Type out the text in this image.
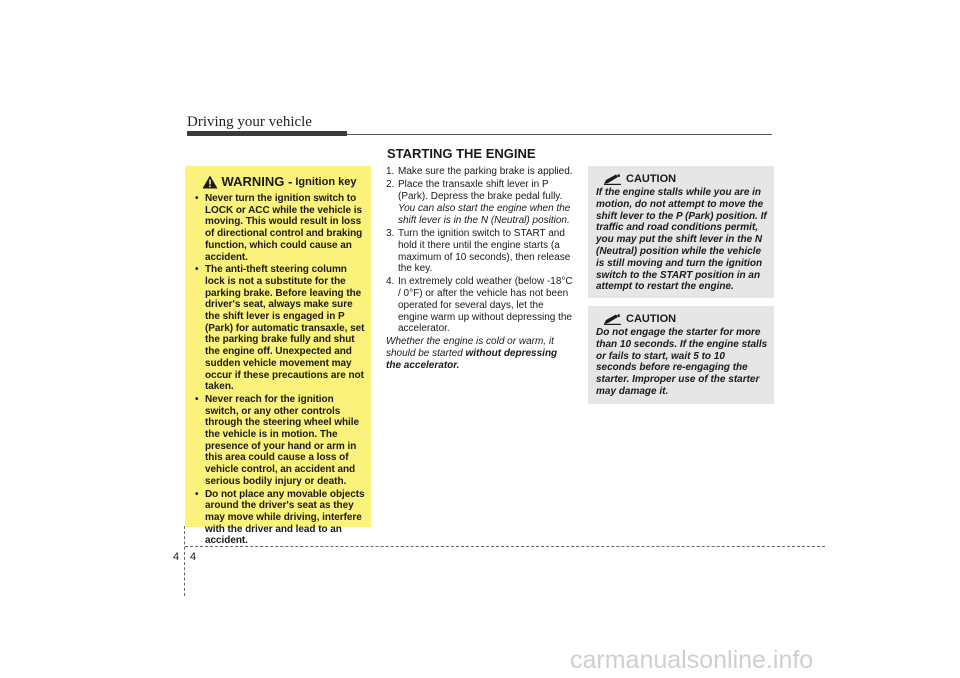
Driving your vehicle
WARNING - Ignition key
• Never turn the ignition switch to LOCK or ACC while the vehicle is moving. This would result in loss of directional control and braking function, which could cause an accident.
• The anti-theft steering column lock is not a substitute for the parking brake. Before leaving the driver's seat, always make sure the shift lever is engaged in P (Park) for automatic transaxle, set the parking brake fully and shut the engine off. Unexpected and sudden vehicle movement may occur if these precautions are not taken.
• Never reach for the ignition switch, or any other controls through the steering wheel while the vehicle is in motion. The presence of your hand or arm in this area could cause a loss of vehicle control, an accident and serious bodily injury or death.
• Do not place any movable objects around the driver's seat as they may move while driving, interfere with the driver and lead to an accident.
STARTING THE ENGINE
1. Make sure the parking brake is applied.
2. Place the transaxle shift lever in P (Park). Depress the brake pedal fully.
You can also start the engine when the shift lever is in the N (Neutral) position.
3. Turn the ignition switch to START and hold it there until the engine starts (a maximum of 10 seconds), then release the key.
4. In extremely cold weather (below -18°C / 0°F) or after the vehicle has not been operated for several days, let the engine warm up without depressing the accelerator.
Whether the engine is cold or warm, it should be started without depressing the accelerator.
CAUTION
If the engine stalls while you are in motion, do not attempt to move the shift lever to the P (Park) position. If traffic and road conditions permit, you may put the shift lever in the N (Neutral) position while the vehicle is still moving and turn the ignition switch to the START position in an attempt to restart the engine.
CAUTION
Do not engage the starter for more than 10 seconds. If the engine stalls or fails to start, wait 5 to 10 seconds before re-engaging the starter. Improper use of the starter may damage it.
4 4
carmanualsonline.info
